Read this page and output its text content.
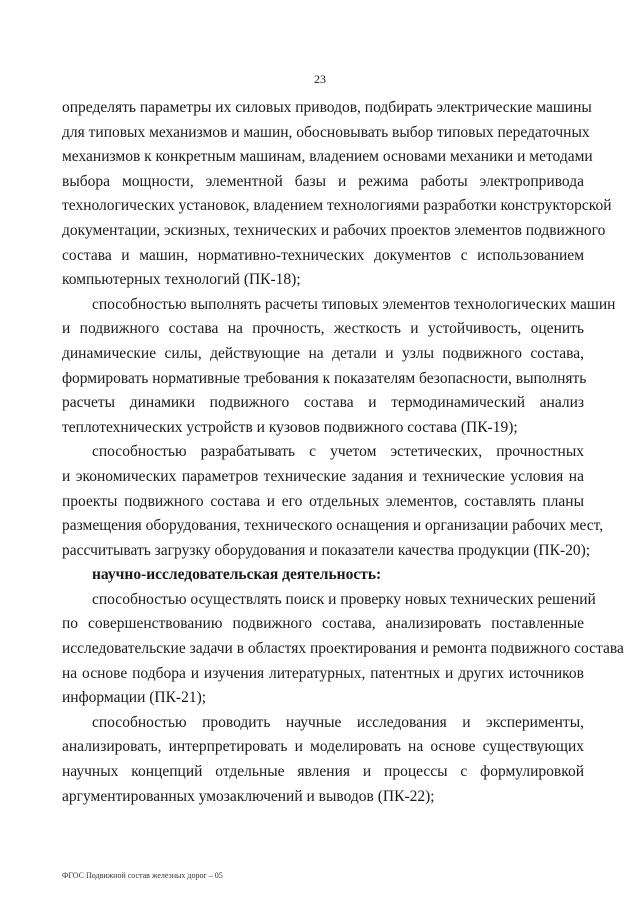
23

определять параметры их силовых приводов, подбирать электрические машины

для типовых механизмов и машин, обосновывать выбор типовых передаточных

механизмов к конкретным машинам, владением основами механики и методами

выбора мощности, элементной базы и режима работы электропривода

технологических установок, владением технологиями разработки конструкторской

документации, эскизных, технических и рабочих проектов элементов подвижного

состава и машин, нормативно-технических документов с использованием

компьютерных технологий (ПК-18);

способностью выполнять расчеты типовых элементов технологических машин

и подвижного состава на прочность, жесткость и устойчивость, оценить

динамические силы, действующие на детали и узлы подвижного состава,

формировать нормативные требования к показателям безопасности, выполнять

расчеты динамики подвижного состава и термодинамический анализ

теплотехнических устройств и кузовов подвижного состава (ПК-19);

способностью разрабатывать с учетом эстетических, прочностных

и экономических параметров технические задания и технические условия на

проекты подвижного состава и его отдельных элементов, составлять планы

размещения оборудования, технического оснащения и организации рабочих мест,

рассчитывать загрузку оборудования и показатели качества продукции (ПК-20);

научно-исследовательская деятельность:

способностью осуществлять поиск и проверку новых технических решений

по совершенствованию подвижного состава, анализировать поставленные

исследовательские задачи в областях проектирования и ремонта подвижного состава

на основе подбора и изучения литературных, патентных и других источников

информации (ПК-21);

способностью проводить научные исследования и эксперименты,

анализировать, интерпретировать и моделировать на основе существующих

научных концепций отдельные явления и процессы с формулировкой

аргументированных умозаключений и выводов (ПК-22);

ФГОС Подвижной состав железных дорог – 05
